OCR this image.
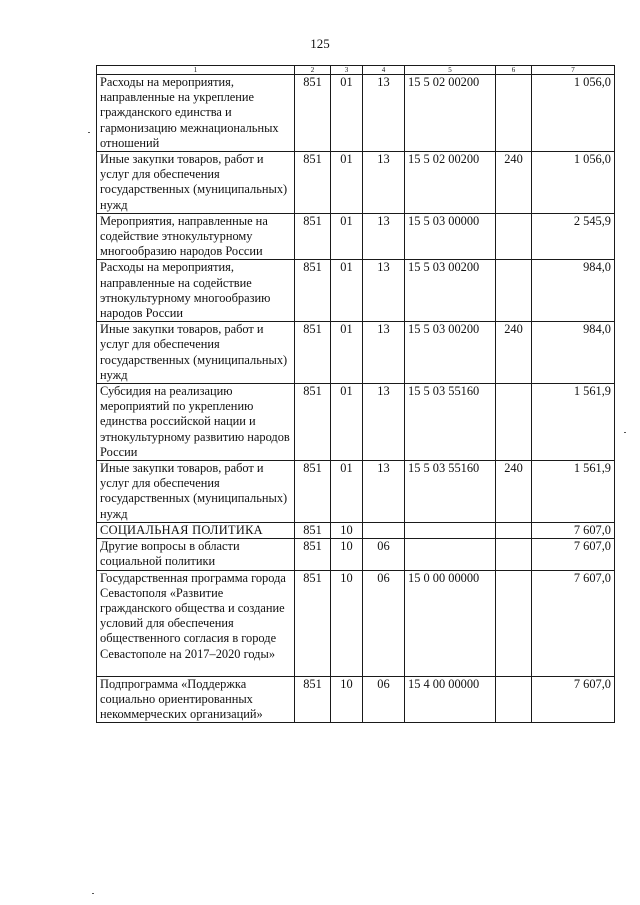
125
1	2	3	4	5	6	7
Расходы на мероприятия, направленные на укрепление гражданского единства и гармонизацию межнациональных отношений	851	01	13	15 5 02 00200		1 056,0
Иные закупки товаров, работ и услуг для обеспечения государственных (муниципальных) нужд	851	01	13	15 5 02 00200	240	1 056,0
Мероприятия, направленные на содействие этнокультурному многообразию народов России	851	01	13	15 5 03 00000		2 545,9
Расходы на мероприятия, направленные на содействие этнокультурному многообразию народов России	851	01	13	15 5 03 00200		984,0
Иные закупки товаров, работ и услуг для обеспечения государственных (муниципальных) нужд	851	01	13	15 5 03 00200	240	984,0
Субсидия на реализацию мероприятий по укреплению единства российской нации и этнокультурному развитию народов России	851	01	13	15 5 03 55160		1 561,9
Иные закупки товаров, работ и услуг для обеспечения государственных (муниципальных) нужд	851	01	13	15 5 03 55160	240	1 561,9
СОЦИАЛЬНАЯ ПОЛИТИКА	851	10				7 607,0
Другие вопросы в области социальной политики	851	10	06			7 607,0
Государственная программа города Севастополя «Развитие гражданского общества и создание условий для обеспечения общественного согласия в городе Севастополе на 2017–2020 годы»	851	10	06	15 0 00 00000		7 607,0
Подпрограмма «Поддержка социально ориентированных некоммерческих организаций»	851	10	06	15 4 00 00000		7 607,0
